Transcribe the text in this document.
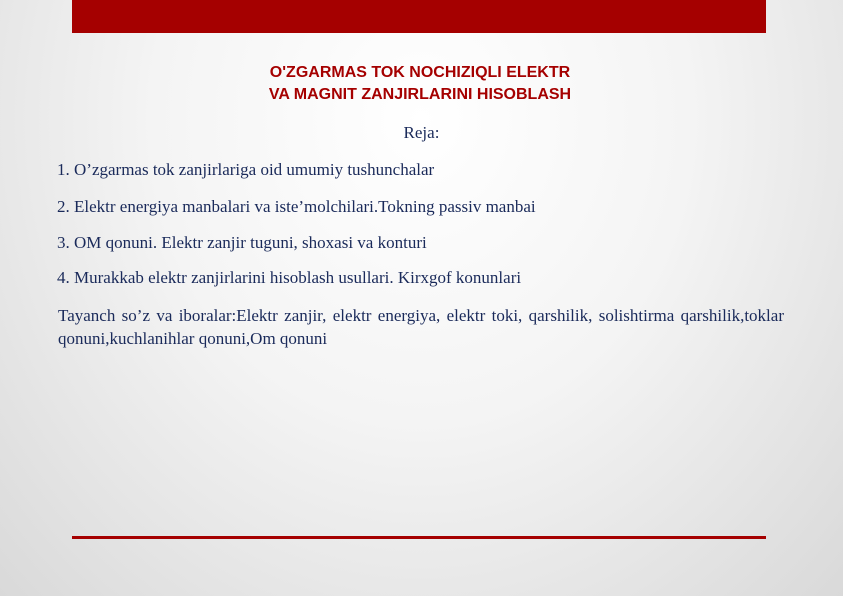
O'ZGARMAS TOK NOCHIZIQLI ELEKTR
VA MAGNIT ZANJIRLARINI HISOBLASH
Reja:
1. O’zgarmas tok zanjirlariga oid umumiy tushunchalar
2. Elektr energiya manbalari va iste’molchilari.Tokning passiv manbai
3. OM qonuni. Elektr zanjir tuguni, shoxasi va konturi
4. Murakkab elektr zanjirlarini hisoblash usullari. Kirxgof konunlari
Tayanch so’z va iboralar:Elektr zanjir, elektr energiya, elektr toki, qarshilik, solishtirma qarshilik,toklar qonuni,kuchlanihlar qonuni,Om qonuni
